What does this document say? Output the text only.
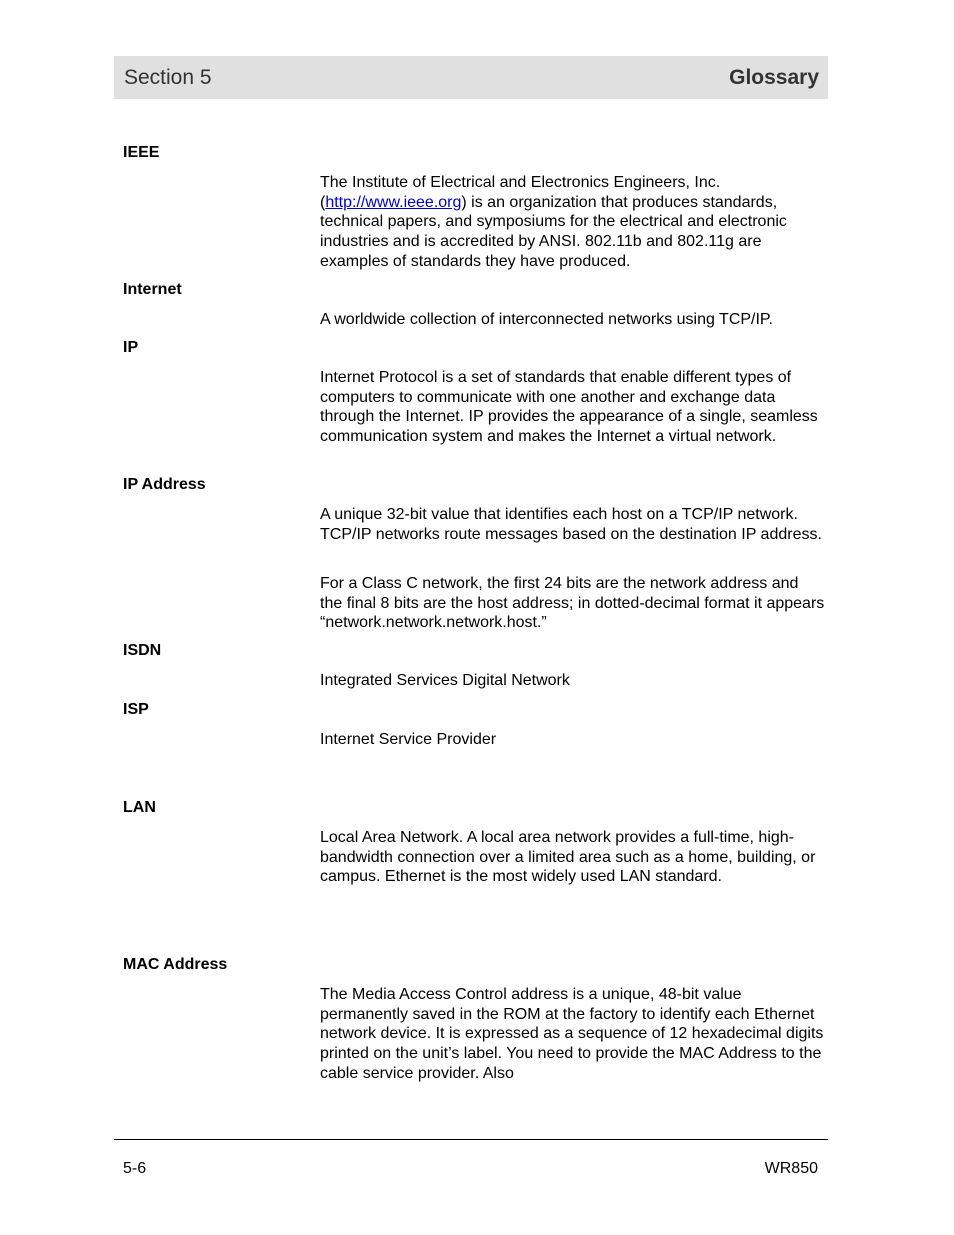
Section 5	Glossary
IEEE
The Institute of Electrical and Electronics Engineers, Inc. (http://www.ieee.org) is an organization that produces standards, technical papers, and symposiums for the electrical and electronic industries and is accredited by ANSI. 802.11b and 802.11g are examples of standards they have produced.
Internet
A worldwide collection of interconnected networks using TCP/IP.
IP
Internet Protocol is a set of standards that enable different types of computers to communicate with one another and exchange data through the Internet. IP provides the appearance of a single, seamless communication system and makes the Internet a virtual network.
IP Address
A unique 32-bit value that identifies each host on a TCP/IP network. TCP/IP networks route messages based on the destination IP address.
For a Class C network, the first 24 bits are the network address and the final 8 bits are the host address; in dotted-decimal format it appears “network.network.network.host.”
ISDN
Integrated Services Digital Network
ISP
Internet Service Provider
LAN
Local Area Network. A local area network provides a full-time, high-bandwidth connection over a limited area such as a home, building, or campus. Ethernet is the most widely used LAN standard.
MAC Address
The Media Access Control address is a unique, 48-bit value permanently saved in the ROM at the factory to identify each Ethernet network device. It is expressed as a sequence of 12 hexadecimal digits printed on the unit’s label. You need to provide the MAC Address to the cable service provider. Also
5-6	WR850
